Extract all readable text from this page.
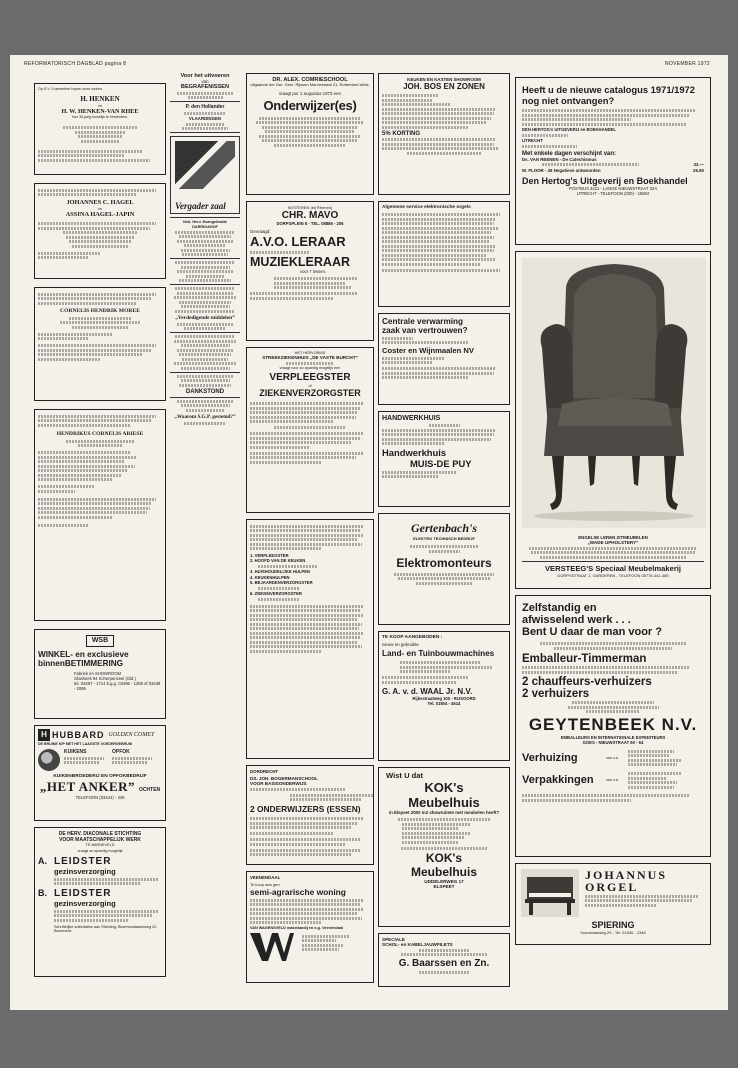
REFORMATORISCH DAGBLAD pagina 8	NOVEMBER 1972
Op D.V. 5 december hopen onze ouders
H. HENKEN
en
H. W. HENKEN-VAN RHEE
hun 30-jarig huwelijk te herdenken.
JOHANNES C. HAGEL
en
ASSINA HAGEL-JAPIN
CORNELIS HENDRIK MOREE
HENDRIKUS CORNELIS ARIESE
WSB
WINKEL- en exclusieve
binnenBETIMMERING
Fabriek en SHOWROOM
Glasheek 94 Scherpenzeel (Gld.)
tel. 03497 - 1714 b.g.g. 03496 - 1369 of 03438 - 2066
H HUBBARD GOLDEN COMET
DE BRUINE KIP MET HET LAAGSTE VOEDERGEBRUIK
KUIKENS	OPFOK
KUIKENBROEDERIJ EN OPFOKBEDRIJF
„HET ANKER” OCHTEN
TELEFOON (03444) - 349
DE HERV. DIACONALE STICHTING
VOOR MAATSCHAPPELIJK WERK
TE BARNEVELD
vraagt zo spoedig mogelijk
A. LEIDSTER
gezinsverzorging
B. LEIDSTER
gezinsverzorging
Schriftelijke sollicitaties aan Stichting, Bloemendaalseweg 22, Barneveld.
Voor het uitvoeren
van
BEGRAFENISSEN
P. den Hollander
VLAARDINGEN
Vergader zaal
Ned. Herv. Evangelisatie DARRIGAHOF
„Verdedigende middelen”
DANKSTOND
„Waarom S.G.P. gestemd?”
DR. ALEX. COMRIESCHOOL
uitgaande der Ger. Gem. Rijssen Marnixstraat 21, Rotterdam-West,
vraagt per 1 augustus 1973 een
Onderwijzer(es)
KESTEREN (bij Rhenen)
CHR. MAVO
DORPSPLEIN 8 - TEL. 08886 - 206
Gevraagd:
A.V.O. LERAAR
MUZIEKLERAAR
voor 7 lessen.
HET HERVORMD
STREEKZIEKENHUIS „DE VASTE BURCHT”
vraagt voor zo spoedig mogelijk een
VERPLEEGSTER
of
ZIEKENVERZORGSTER
1. VERPLEEGSTER
2. HOOFD VAN DE KEUKEN
3. HUISHOUDELIJKE HULPEN
4. KEUKENHULPEN
5. BEJAARDENVERZORGSTER
6. ZIEKENVERZORGSTER
DORDRECHT
DS. JOH. BOGERMANSCHOOL
VOOR BASISONDERWIJS
2 ONDERWIJZERS (ESSEN)
VEENENDAAL
Te koop aan gen.
semi-agrarische woning
VAN WAGENSVELD makelaardij en o.g. Veenendaal
KEUKEN EN KASTEN SHOWROOM
JOH. BOS EN ZONEN
5% KORTING
Algemene service elektronische orgels
Centrale verwarming
zaak van vertrouwen?
Coster en Wijnmaalen NV
HANDWERKHUIS
Handwerkhuis
MUIS-DE PUY
Gertenbach's
ELEKTRO TECHNISCH BEDRIJF
Elektromonteurs
TE KOOP AANGEBODEN :
nieuw en gebruikte
Land- en Tuinbouwmachines
G. A. v. d. WAAL Jr. N.V.
Rijksstraatweg 100 - RIJSOORD
Tel. 01804 - 4614
Wist U dat
KOK's
Meubelhuis
in Elspeet 2000 m2 showruimte met meubelen heeft?
KOK's
Meubelhuis
UDDELERWEG 17
ELSPEET
SPECIALE
SCHOL- en KABELJAUWFILETS
G. Baarssen en Zn.
Heeft u de nieuwe catalogus 1971/1972
nog niet ontvangen?
DEN HERTOG's UITGEVERIJ en BOEKHANDEL
UTRECHT
Met enkele dagen verschijnt van:
Ds. VAN REENEN - De Catechismus
32.—
W. FLOOR - 26 Negatieve antwoorden	26.50
Den Hertog's Uitgeverij en Boekhandel
POSTBUS 3421 - LANGE NIEUWSTRAAT 32A
UTRECHT - TELEFOON (030) - 15684
ENGELSE LEREN ZITMEUBELEN
„WADE UPHOLSTERY”
VERSTEEG'S Speciaal Meubelmakerij
DORPSSTRAAT 1, GARDEREN - TELEFOON 05776-441-485
Zelfstandig en
afwisselend werk . . .
Bent U daar de man voor ?
Emballeur-Timmerman
2 chauffeurs-verhuizers
2 verhuizers
GEYTENBEEK N.V.
EMBALLEURS EN INTERNATIONALE EXPEDITEURS
GOES - NIEUWSTRAAT 60 - 64
Verhuizing	van o.a.
Verpakkingen	van o.a.
JOHANNUS
ORGEL
SPIERING
Voorstraatweg 29 - Tel. 01830 - 2345
